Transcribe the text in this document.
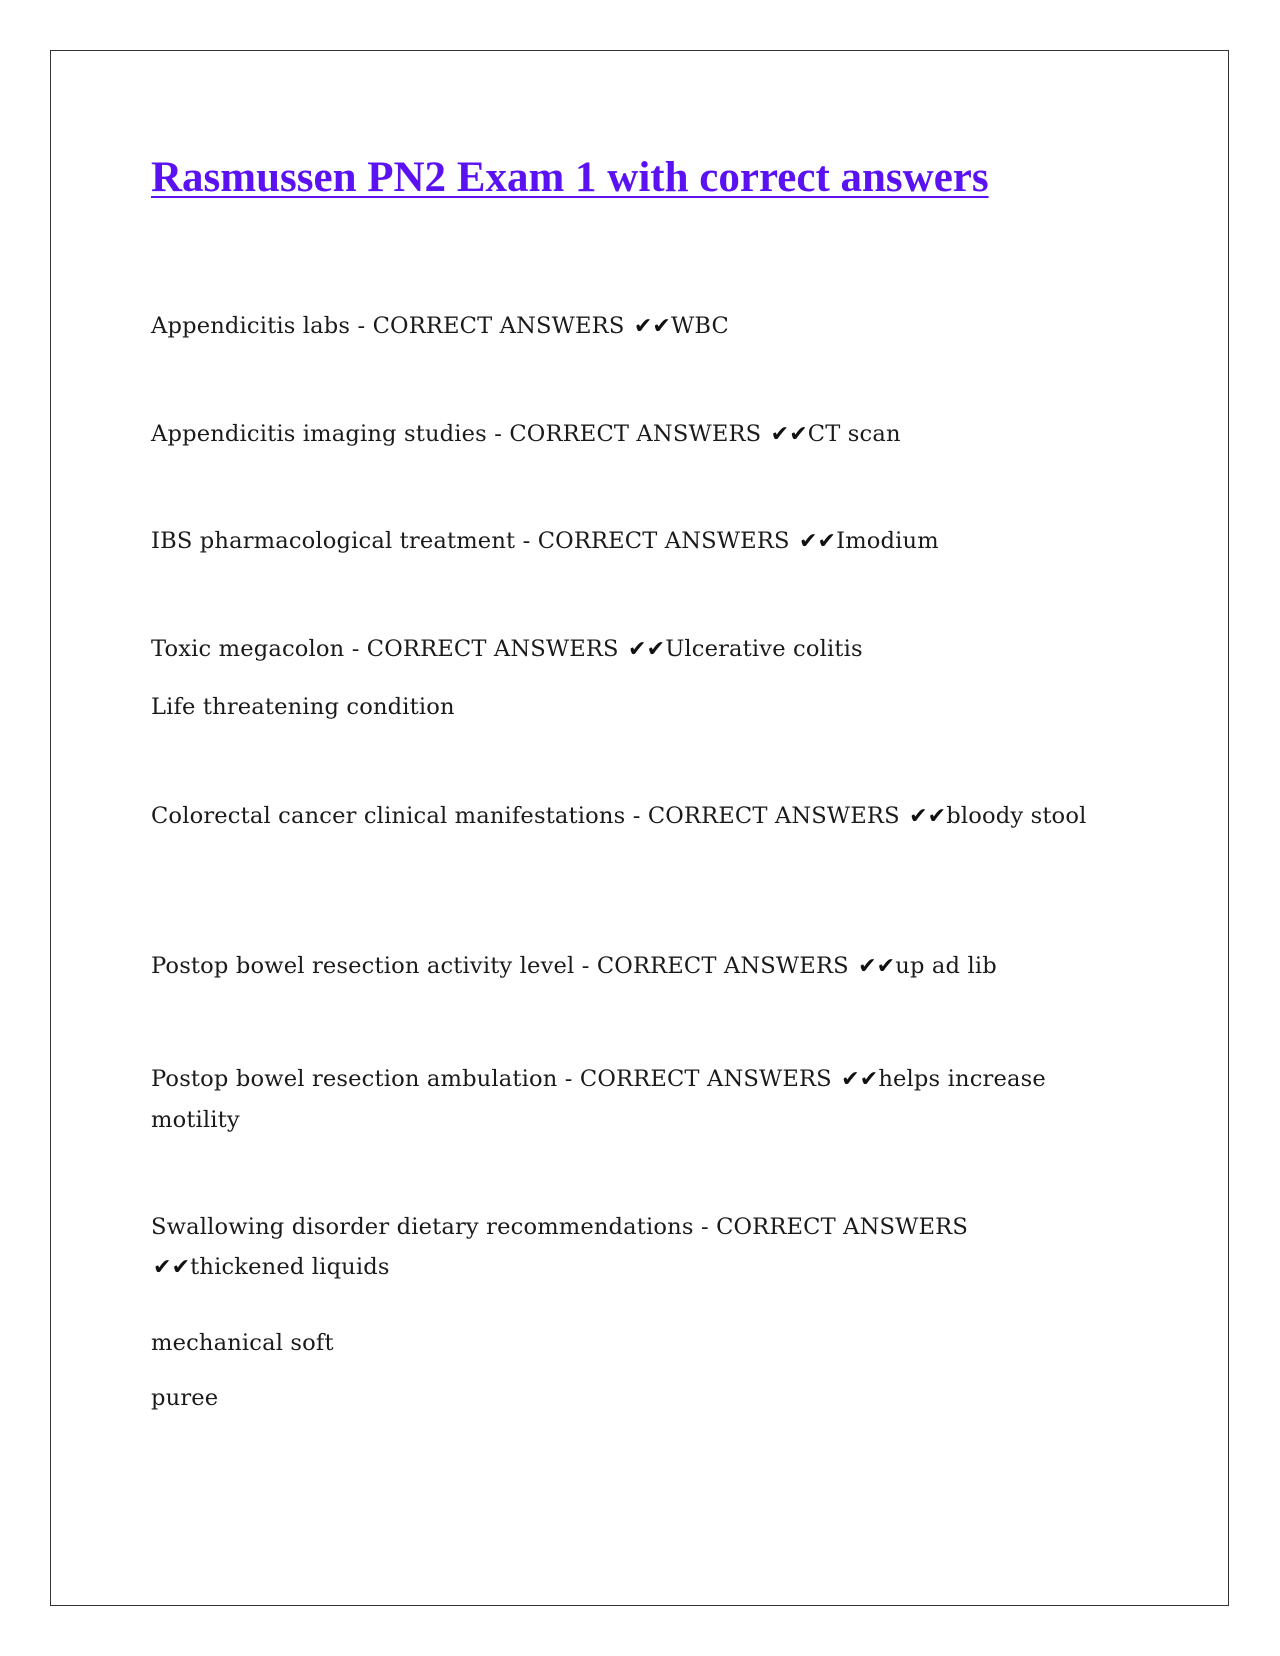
Rasmussen PN2 Exam 1 with correct answers

Appendicitis labs - CORRECT ANSWERS ✔✔WBC

Appendicitis imaging studies - CORRECT ANSWERS ✔✔CT scan

IBS pharmacological treatment - CORRECT ANSWERS ✔✔Imodium

Toxic megacolon - CORRECT ANSWERS ✔✔Ulcerative colitis

Life threatening condition

Colorectal cancer clinical manifestations - CORRECT ANSWERS ✔✔bloody stool

Postop bowel resection activity level - CORRECT ANSWERS ✔✔up ad lib

Postop bowel resection ambulation - CORRECT ANSWERS ✔✔helps increase motility

Swallowing disorder dietary recommendations - CORRECT ANSWERS ✔✔thickened liquids

mechanical soft

puree
